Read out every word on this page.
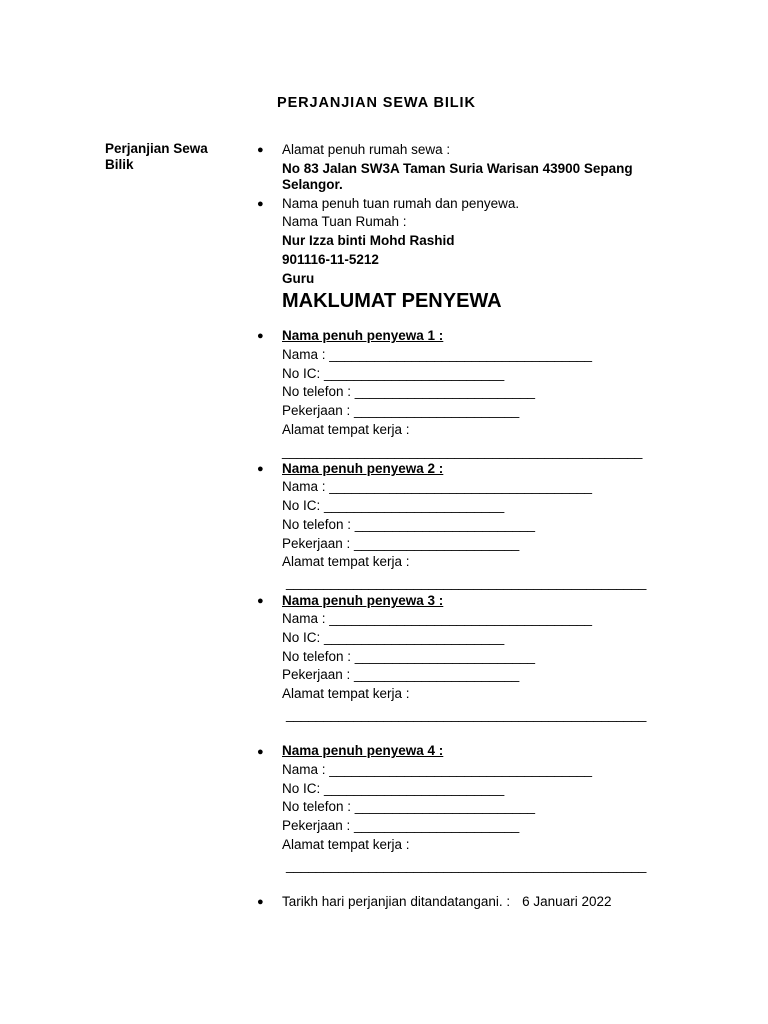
PERJANJIAN SEWA BILIK
Perjanjian Sewa Bilik
● Alamat penuh rumah sewa :
No 83 Jalan SW3A Taman Suria Warisan 43900 Sepang
Selangor.
● Nama penuh tuan rumah dan penyewa.
Nama Tuan Rumah :
Nur Izza binti Mohd Rashid
901116-11-5212
Guru
MAKLUMAT PENYEWA
● Nama penuh penyewa 1 :
Nama : ___________________________________
No IC: ________________________
No telefon : ________________________
Pekerjaan : ______________________
Alamat tempat kerja :
________________________________________________
● Nama penuh penyewa 2 :
Nama : ___________________________________
No IC: ________________________
No telefon : ________________________
Pekerjaan : ______________________
Alamat tempat kerja :
________________________________________________
● Nama penuh penyewa 3 :
Nama : ___________________________________
No IC: ________________________
No telefon : ________________________
Pekerjaan : ______________________
Alamat tempat kerja :
________________________________________________
● Nama penuh penyewa 4 :
Nama : ___________________________________
No IC: ________________________
No telefon : ________________________
Pekerjaan : ______________________
Alamat tempat kerja :
________________________________________________
● Tarikh hari perjanjian ditandatangani. : 6 Januari 2022
